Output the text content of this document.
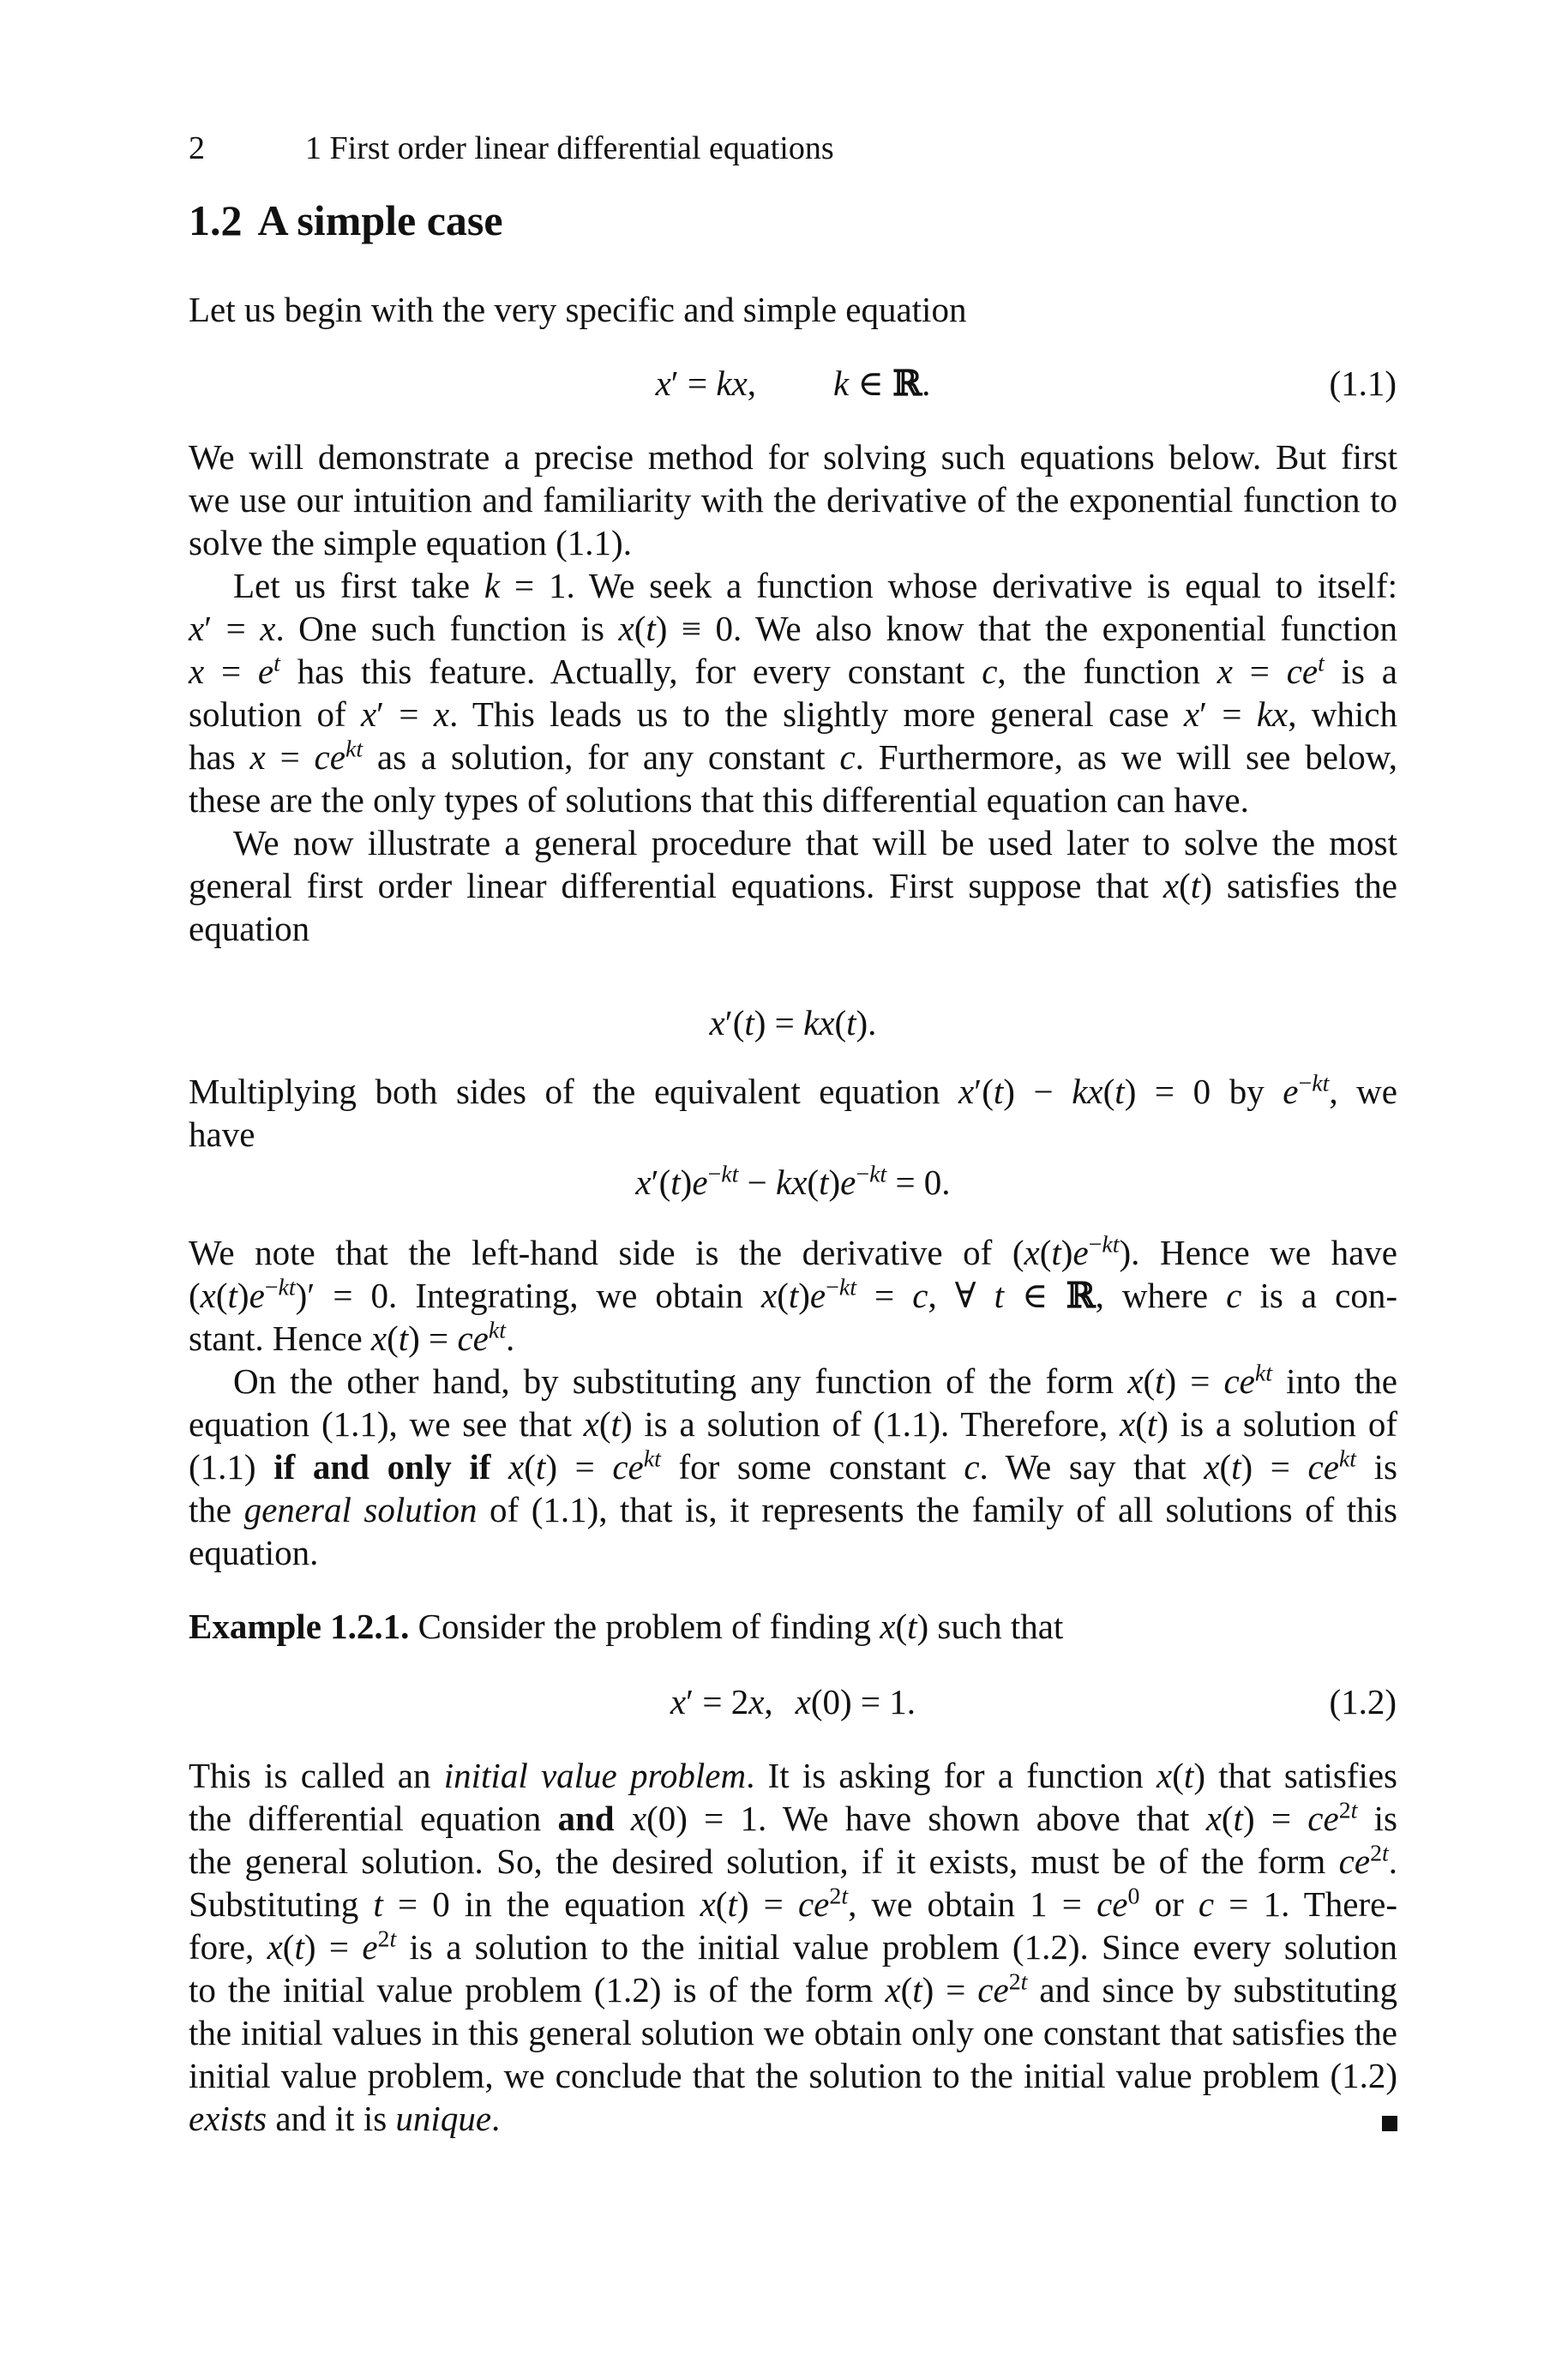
2	1 First order linear differential equations
1.2 A simple case
Let us begin with the very specific and simple equation
x′ = kx, k ∈ ℝ.	(1.1)
We will demonstrate a precise method for solving such equations below. But first
we use our intuition and familiarity with the derivative of the exponential function to
solve the simple equation (1.1).
Let us first take k = 1. We seek a function whose derivative is equal to itself:
x′ = x. One such function is x(t) ≡ 0. We also know that the exponential function
$x = e^t$ has this feature. Actually, for every constant c, the function $x = ce^t$ is a
solution of x′ = x. This leads us to the slightly more general case x′ = kx, which
has $x = ce^{kt}$ as a solution, for any constant c. Furthermore, as we will see below,
these are the only types of solutions that this differential equation can have.
We now illustrate a general procedure that will be used later to solve the most
general first order linear differential equations. First suppose that x(t) satisfies the
equation
x′(t) = kx(t).
Multiplying both sides of the equivalent equation x′(t) − kx(t) = 0 by $e^{-kt}$, we
have
$x'(t)e^{-kt} - kx(t)e^{-kt} = 0$.
We note that the left-hand side is the derivative of $(x(t)e^{-kt})$. Hence we have
$(x(t)e^{-kt})' = 0$. Integrating, we obtain $x(t)e^{-kt} = c$, ∀ t ∈ ℝ, where c is a con-
stant. Hence $x(t) = ce^{kt}$.
On the other hand, by substituting any function of the form $x(t) = ce^{kt}$ into the
equation (1.1), we see that x(t) is a solution of (1.1). Therefore, x(t) is a solution of
(1.1) if and only if $x(t) = ce^{kt}$ for some constant c. We say that $x(t) = ce^{kt}$ is
the general solution of (1.1), that is, it represents the family of all solutions of this
equation.
Example 1.2.1. Consider the problem of finding x(t) such that
x′ = 2x, x(0) = 1.	(1.2)
This is called an initial value problem. It is asking for a function x(t) that satisfies
the differential equation and x(0) = 1. We have shown above that $x(t) = ce^{2t}$ is
the general solution. So, the desired solution, if it exists, must be of the form $ce^{2t}$.
Substituting t = 0 in the equation $x(t) = ce^{2t}$, we obtain $1 = ce^0$ or c = 1. There-
fore, $x(t) = e^{2t}$ is a solution to the initial value problem (1.2). Since every solution
to the initial value problem (1.2) is of the form $x(t) = ce^{2t}$ and since by substituting
the initial values in this general solution we obtain only one constant that satisfies the
initial value problem, we conclude that the solution to the initial value problem (1.2)
exists and it is unique.
